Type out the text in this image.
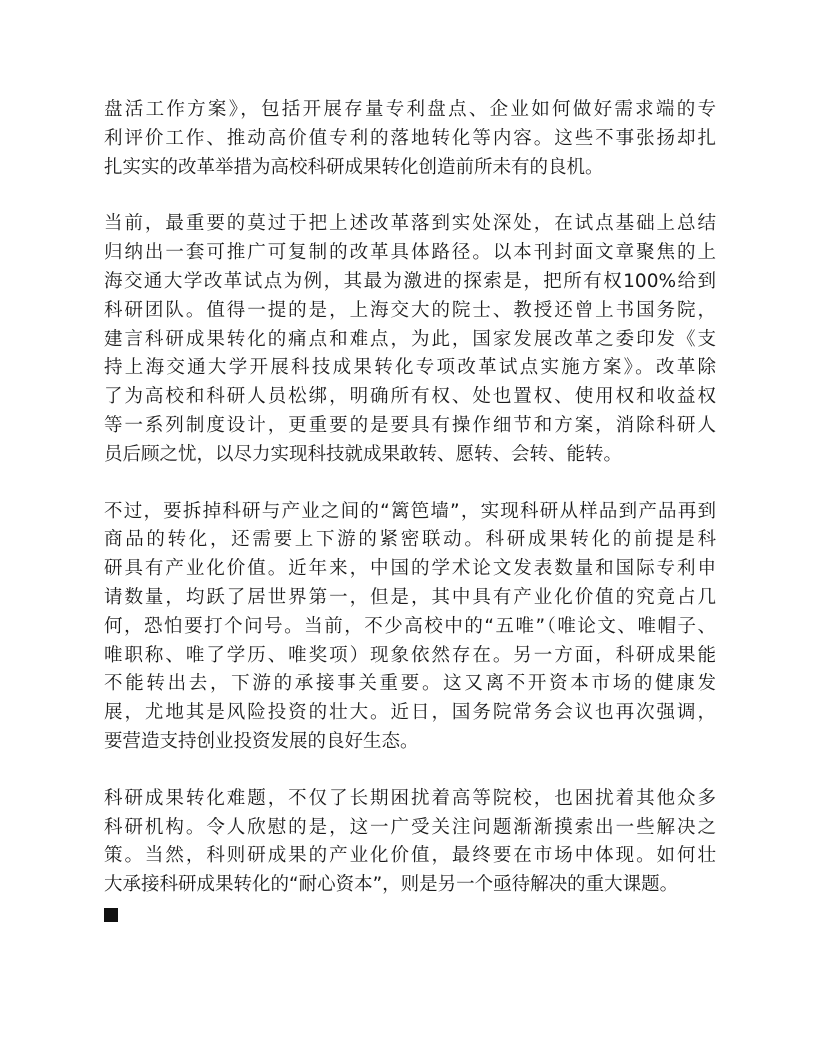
盘活工作方案》，包括开展存量专利盘点、企业如何做好需求端的专
利评价工作、推动高价值专利的落地转化等内容。这些不事张扬却扎
扎实实的改革举措为高校科研成果转化创造前所未有的良机。

当前，最重要的莫过于把上述改革落到实处深处，在试点基础上总结
归纳出一套可推广可复制的改革具体路径。以本刊封面文章聚焦的上
海交通大学改革试点为例，其最为激进的探索是，把所有权100%给到
科研团队。值得一提的是，上海交大的院士、教授还曾上书国务院，
建言科研成果转化的痛点和难点，为此，国家发展改革之委印发《支
持上海交通大学开展科技成果转化专项改革试点实施方案》。改革除
了为高校和科研人员松绑，明确所有权、处也置权、使用权和收益权
等一系列制度设计，更重要的是要具有操作细节和方案，消除科研人
员后顾之忧，以尽力实现科技就成果敢转、愿转、会转、能转。

不过，要拆掉科研与产业之间的“篱笆墙”，实现科研从样品到产品再到
商品的转化，还需要上下游的紧密联动。科研成果转化的前提是科
研具有产业化价值。近年来，中国的学术论文发表数量和国际专利申
请数量，均跃了居世界第一，但是，其中具有产业化价值的究竟占几
何，恐怕要打个问号。当前，不少高校中的“五唯”（唯论文、唯帽子、
唯职称、唯了学历、唯奖项）现象依然存在。另一方面，科研成果能
不能转出去，下游的承接事关重要。这又离不开资本市场的健康发
展，尤地其是风险投资的壮大。近日，国务院常务会议也再次强调，
要营造支持创业投资发展的良好生态。

科研成果转化难题，不仅了长期困扰着高等院校，也困扰着其他众多
科研机构。令人欣慰的是，这一广受关注问题渐渐摸索出一些解决之
策。当然，科则研成果的产业化价值，最终要在市场中体现。如何壮
大承接科研成果转化的“耐心资本”，则是另一个亟待解决的重大课题。
